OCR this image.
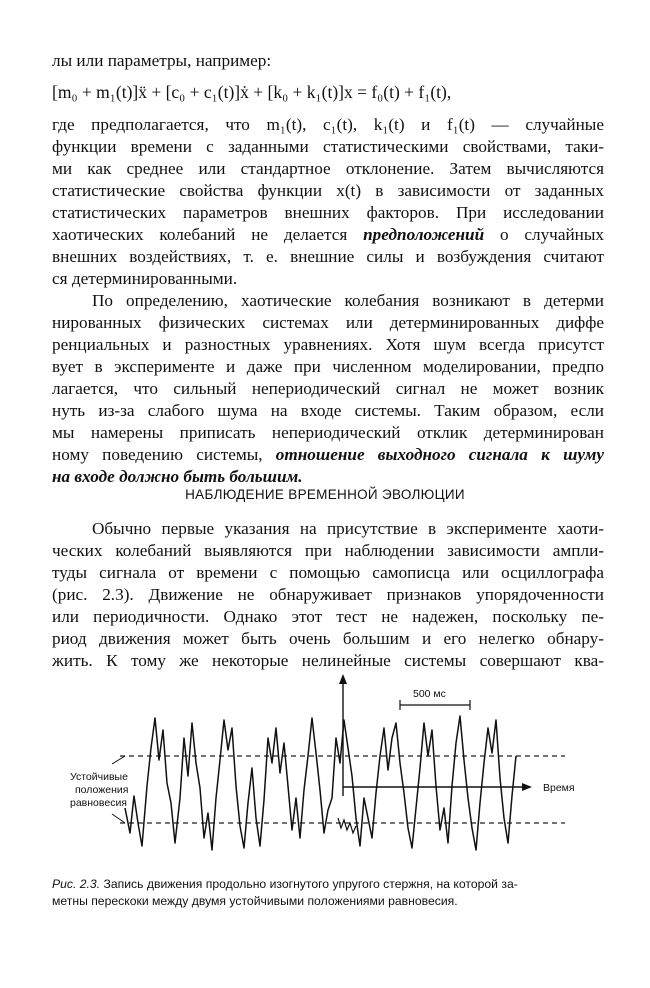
лы или параметры, например:
[m₀ + m₁(t)]ẍ + [c₀ + c₁(t)]ẋ + [k₀ + k₁(t)]x = f₀(t) + f₁(t),
где предполагается, что m₁(t), c₁(t), k₁(t) и f₁(t) — случайные
функции времени с заданными статистическими свойствами, таки-
ми как среднее или стандартное отклонение. Затем вычисляются
статистические свойства функции x(t) в зависимости от заданных
статистических параметров внешних факторов. При исследовании
хаотических колебаний не делается предположений о случайных
внешних воздействиях, т. е. внешние силы и возбуждения считают
ся детерминированными.
По определению, хаотические колебания возникают в детерми
нированных физических системах или детерминированных диффе
ренциальных и разностных уравнениях. Хотя шум всегда присутст
вует в эксперименте и даже при численном моделировании, предпо
лагается, что сильный непериодический сигнал не может возник
нуть из-за слабого шума на входе системы. Таким образом, если
мы намерены приписать непериодический отклик детерминирован
ному поведению системы, отношение выходного сигнала к шуму
на входе должно быть большим.
НАБЛЮДЕНИЕ ВРЕМЕННОЙ ЭВОЛЮЦИИ
Обычно первые указания на присутствие в эксперименте хаоти-
ческих колебаний выявляются при наблюдении зависимости ампли-
туды сигнала от времени с помощью самописца или осциллографа
(рис. 2.3). Движение не обнаруживает признаков упорядоченности
или периодичности. Однако этот тест не надежен, поскольку пе-
риод движения может быть очень большим и его нелегко обнару-
жить. К тому же некоторые нелинейные системы совершают ква-
Время
500 мс
Устойчивые
положения
равновесия
Рис. 2.3. Запись движения продольно изогнутого упругого стержня, на которой за-
метны перескоки между двумя устойчивыми положениями равновесия.
